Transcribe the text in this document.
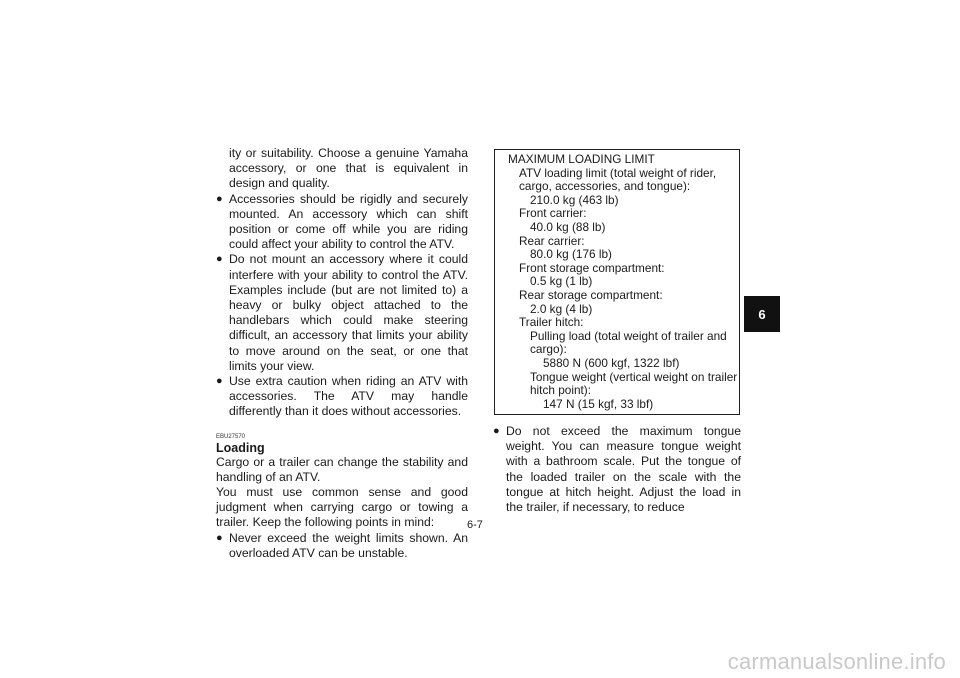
ity or suitability. Choose a genuine Yamaha accessory, or one that is equivalent in design and quality.

● Accessories should be rigidly and securely mounted. An accessory which can shift position or come off while you are riding could affect your ability to control the ATV.
● Do not mount an accessory where it could interfere with your ability to control the ATV. Examples include (but are not limited to) a heavy or bulky object attached to the handlebars which could make steering difficult, an accessory that limits your ability to move around on the seat, or one that limits your view.
● Use extra caution when riding an ATV with accessories. The ATV may handle differently than it does without accessories.
EBU27570
Loading

Cargo or a trailer can change the stability and handling of an ATV.

You must use common sense and good judgment when carrying cargo or towing a trailer. Keep the following points in mind:

● Never exceed the weight limits shown. An overloaded ATV can be unstable.
MAXIMUM LOADING LIMIT
ATV loading limit (total weight of rider, cargo, accessories, and tongue):
210.0 kg (463 lb)
Front carrier:
40.0 kg (88 lb)
Rear carrier:
80.0 kg (176 lb)
Front storage compartment:
0.5 kg (1 lb)
Rear storage compartment:
2.0 kg (4 lb)
Trailer hitch:
Pulling load (total weight of trailer and cargo):
5880 N (600 kgf, 1322 lbf)
Tongue weight (vertical weight on trailer hitch point):
147 N (15 kgf, 33 lbf)
● Do not exceed the maximum tongue weight. You can measure tongue weight with a bathroom scale. Put the tongue of the loaded trailer on the scale with the tongue at hitch height. Adjust the load in the trailer, if necessary, to reduce
6
6-7
carmanualsonline.info
